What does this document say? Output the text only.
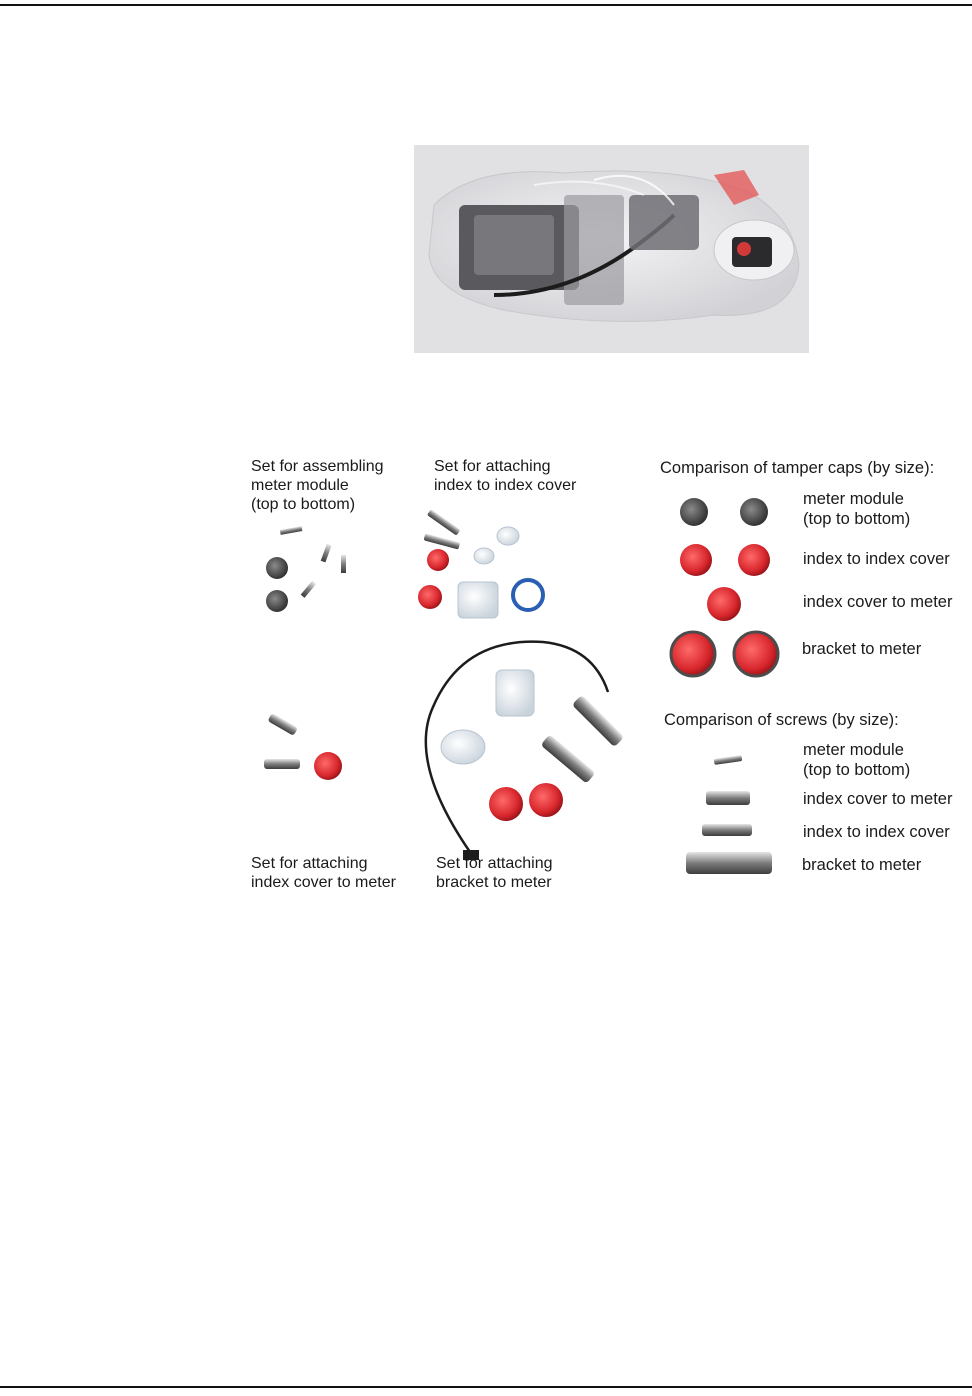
Set for assembling
meter module
(top to bottom)
Set for attaching
index to index cover
Set for attaching
index cover to meter
Set for attaching
bracket to meter
Comparison of tamper caps (by size):
meter module
(top to bottom)
index to index cover
index cover to meter
bracket to meter
Comparison of screws (by size):
meter module
(top to bottom)
index cover to meter
index to index cover
bracket to meter
